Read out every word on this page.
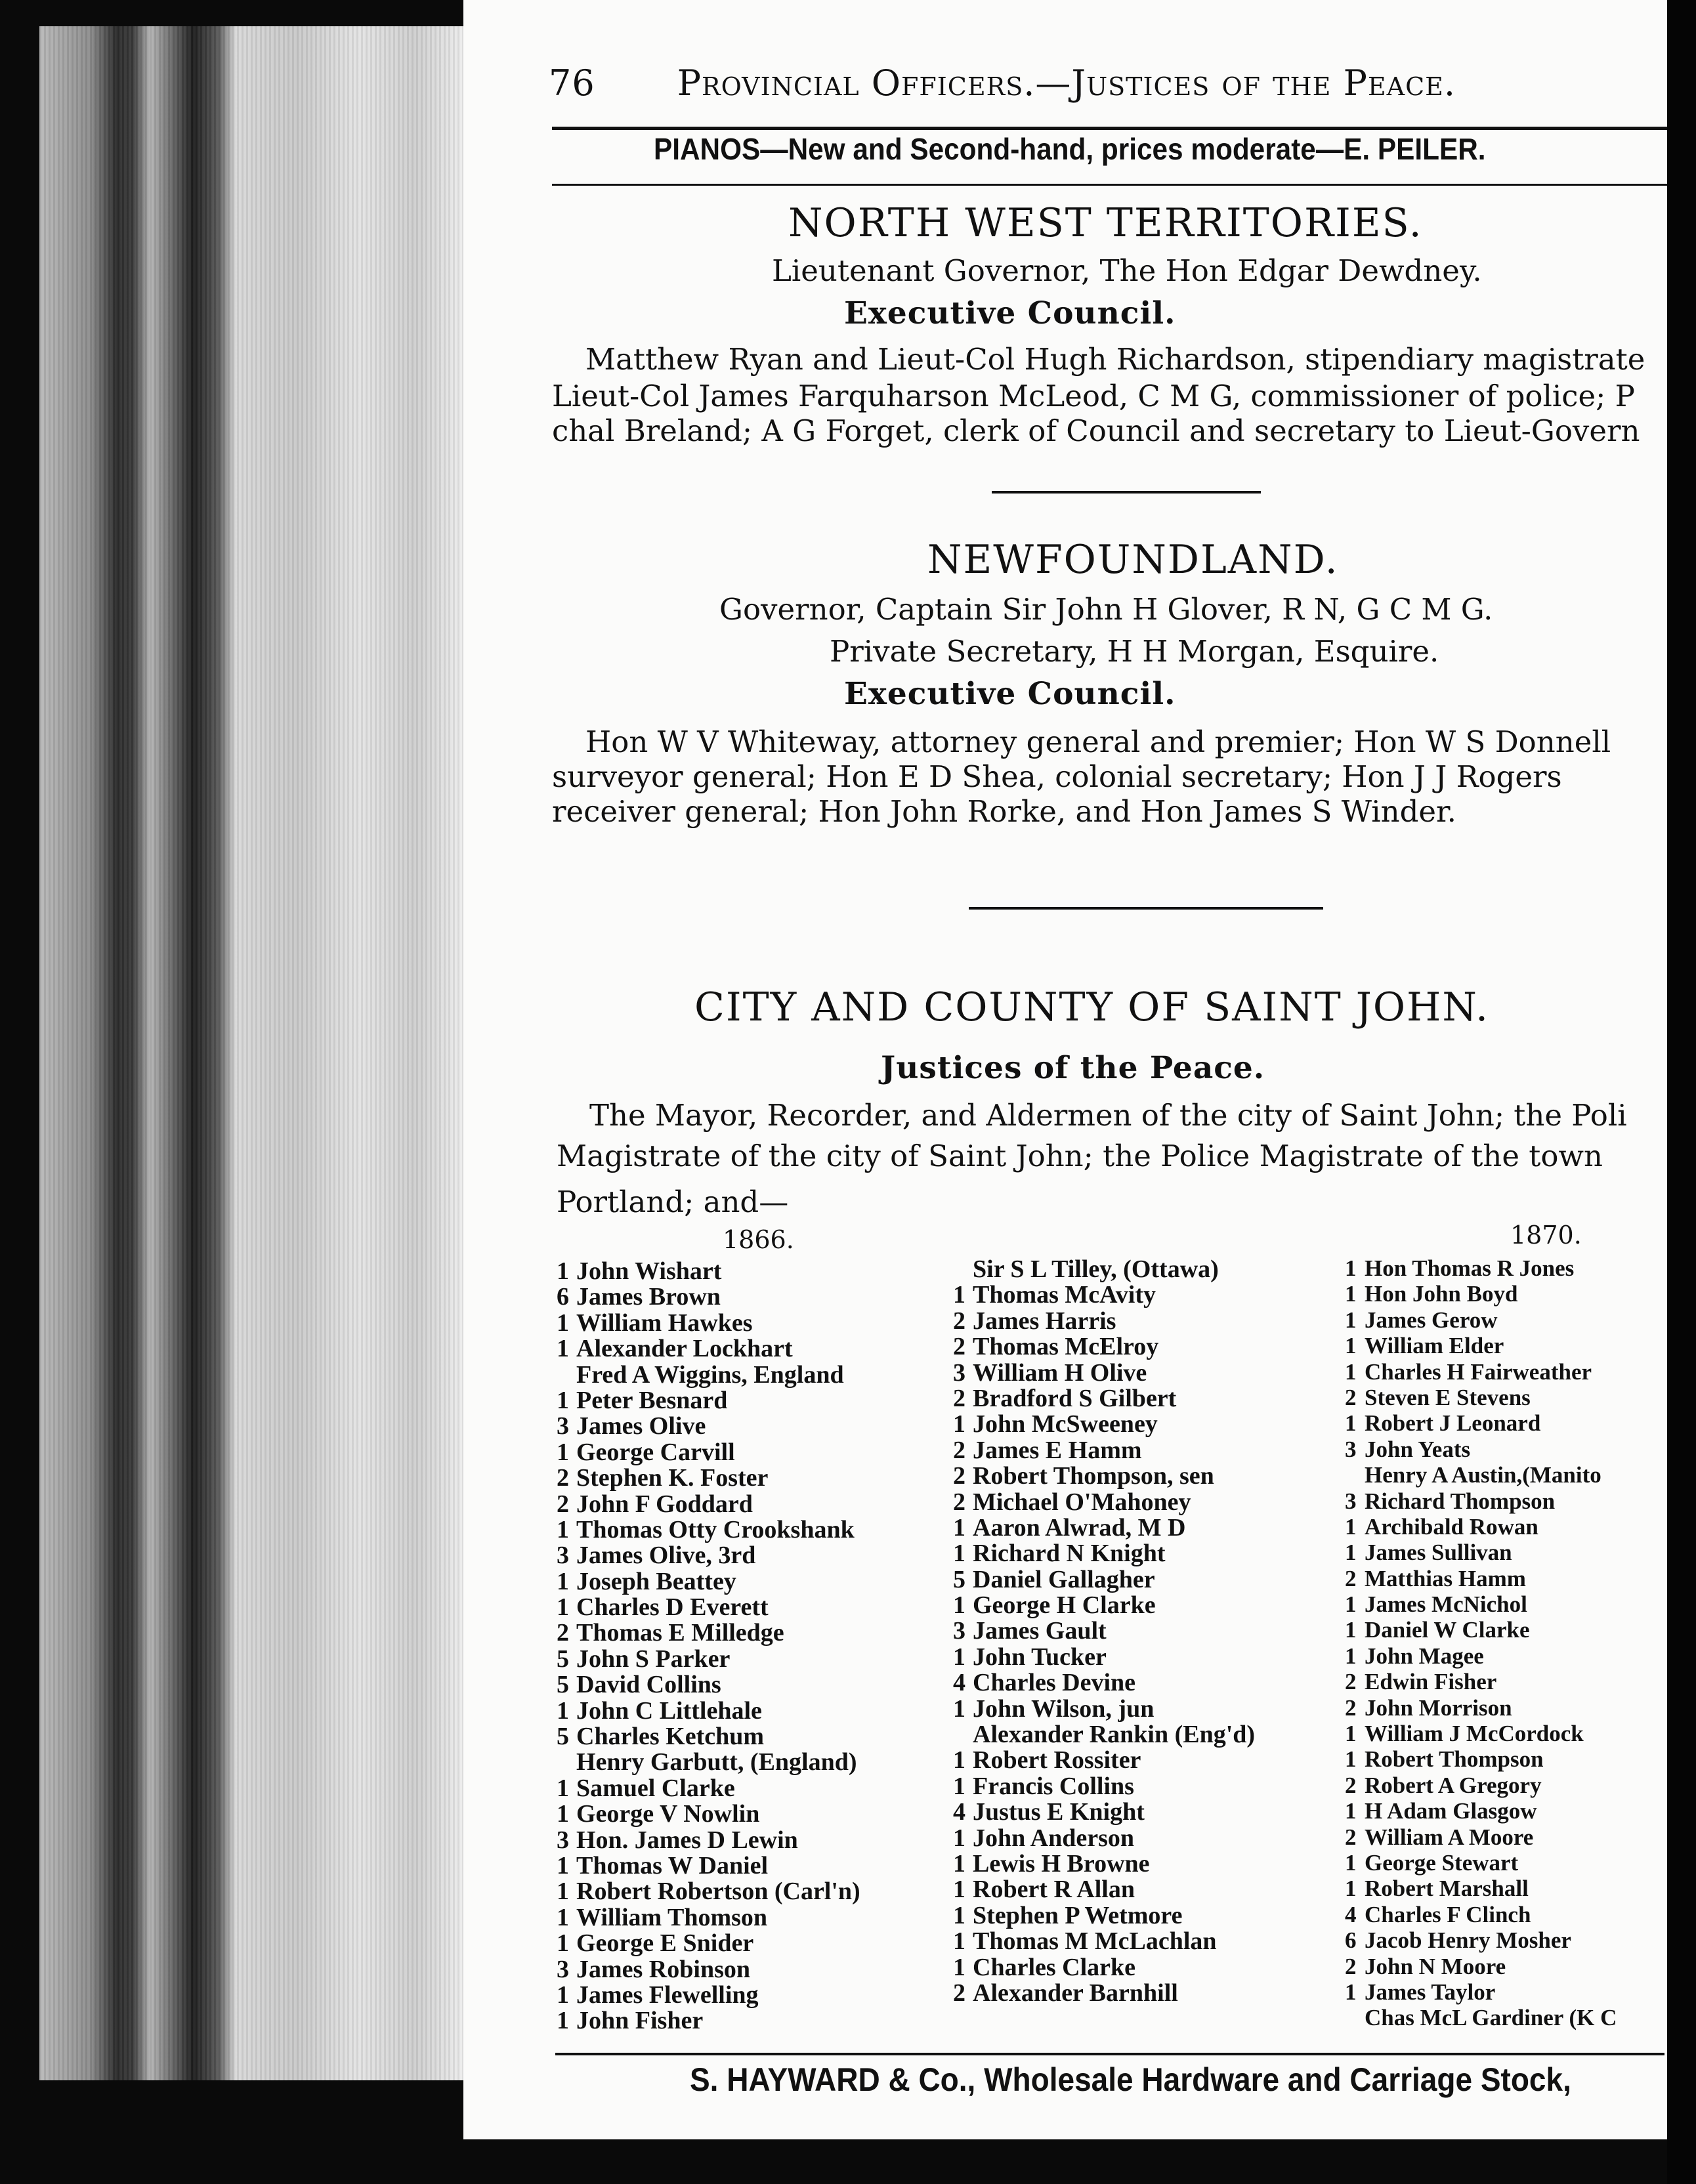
76 Provincial Officers.—Justices of the Peace.
PIANOS—New and Second-hand, prices moderate—E. PEILER.
NORTH WEST TERRITORIES.
Lieutenant Governor, The Hon Edgar Dewdney.
Executive Council.
Matthew Ryan and Lieut-Col Hugh Richardson, stipendiary magistrate
Lieut-Col James Farquharson McLeod, C M G, commissioner of police; P
chal Breland; A G Forget, clerk of Council and secretary to Lieut-Govern
NEWFOUNDLAND.
Governor, Captain Sir John H Glover, R N, G C M G.
Private Secretary, H H Morgan, Esquire.
Executive Council.
Hon W V Whiteway, attorney general and premier; Hon W S Donnell
surveyor general; Hon E D Shea, colonial secretary; Hon J J Rogers
receiver general; Hon John Rorke, and Hon James S Winder.
CITY AND COUNTY OF SAINT JOHN.
Justices of the Peace.
The Mayor, Recorder, and Aldermen of the city of Saint John; the Poli
Magistrate of the city of Saint John; the Police Magistrate of the town
Portland; and—
1866.	1870.
1 John Wishart
6 James Brown
1 William Hawkes
1 Alexander Lockhart
Fred A Wiggins, England
1 Peter Besnard
3 James Olive
1 George Carvill
2 Stephen K. Foster
2 John F Goddard
1 Thomas Otty Crookshank
3 James Olive, 3rd
1 Joseph Beattey
1 Charles D Everett
2 Thomas E Milledge
5 John S Parker
5 David Collins
1 John C Littlehale
5 Charles Ketchum
Henry Garbutt, (England)
1 Samuel Clarke
1 George V Nowlin
3 Hon. James D Lewin
1 Thomas W Daniel
1 Robert Robertson (Carl'n)
1 William Thomson
1 George E Snider
3 James Robinson
1 James Flewelling
1 John Fisher
Sir S L Tilley, (Ottawa)
1 Thomas McAvity
2 James Harris
2 Thomas McElroy
3 William H Olive
2 Bradford S Gilbert
1 John McSweeney
2 James E Hamm
2 Robert Thompson, sen
2 Michael O'Mahoney
1 Aaron Alwrad, M D
1 Richard N Knight
5 Daniel Gallagher
1 George H Clarke
3 James Gault
1 John Tucker
4 Charles Devine
1 John Wilson, jun
Alexander Rankin (Eng'd)
1 Robert Rossiter
1 Francis Collins
4 Justus E Knight
1 John Anderson
1 Lewis H Browne
1 Robert R Allan
1 Stephen P Wetmore
1 Thomas M McLachlan
1 Charles Clarke
2 Alexander Barnhill
1 Hon Thomas R Jones
1 Hon John Boyd
1 James Gerow
1 William Elder
1 Charles H Fairweather
2 Steven E Stevens
1 Robert J Leonard
3 John Yeats
Henry A Austin,(Manito
3 Richard Thompson
1 Archibald Rowan
1 James Sullivan
2 Matthias Hamm
1 James McNichol
1 Daniel W Clarke
1 John Magee
2 Edwin Fisher
2 John Morrison
1 William J McCordock
1 Robert Thompson
2 Robert A Gregory
1 H Adam Glasgow
2 William A Moore
1 George Stewart
1 Robert Marshall
4 Charles F Clinch
6 Jacob Henry Mosher
2 John N Moore
1 James Taylor
Chas McL Gardiner (K C
S. HAYWARD & Co., Wholesale Hardware and Carriage Stock,
